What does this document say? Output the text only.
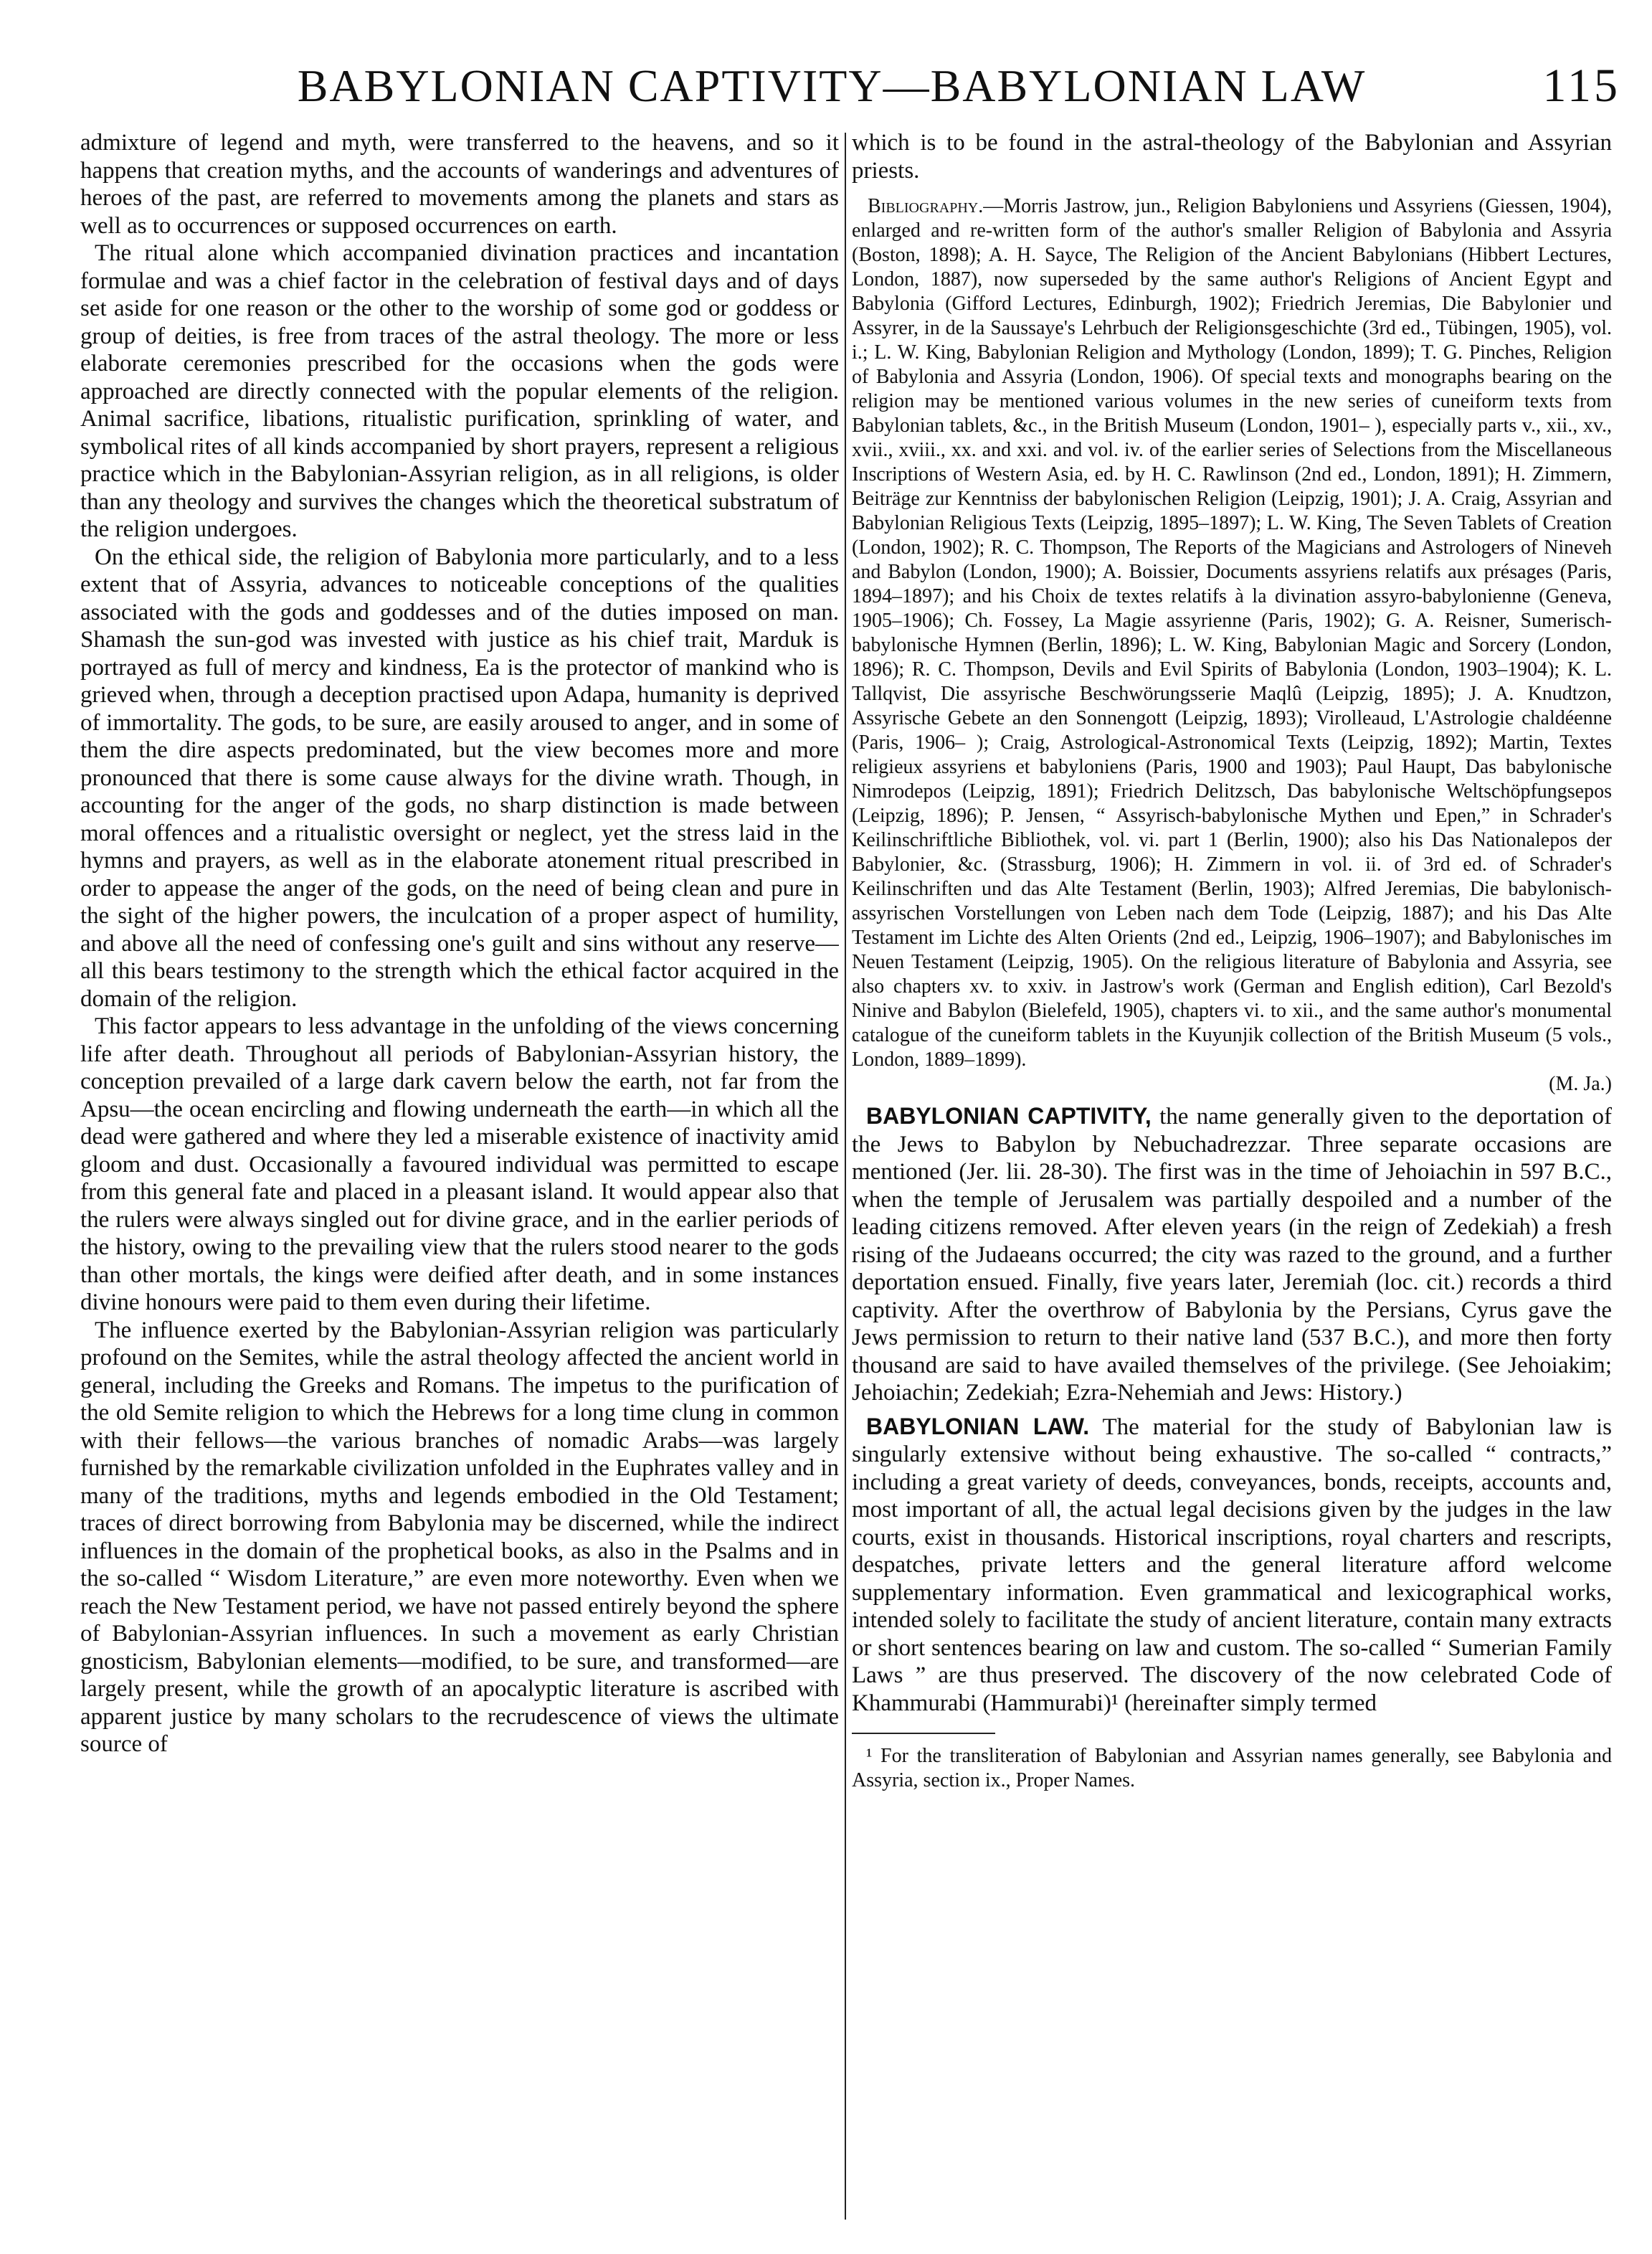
BABYLONIAN CAPTIVITY—BABYLONIAN LAW	115

admixture of legend and myth, were transferred to the heavens, and so it happens that creation myths, and the accounts of wanderings and adventures of heroes of the past, are referred to movements among the planets and stars as well as to occurrences or supposed occurrences on earth.

The ritual alone which accompanied divination practices and incantation formulae and was a chief factor in the celebration of festival days and of days set aside for one reason or the other to the worship of some god or goddess or group of deities, is free from traces of the astral theology. The more or less elaborate ceremonies prescribed for the occasions when the gods were approached are directly connected with the popular elements of the religion. Animal sacrifice, libations, ritualistic purification, sprinkling of water, and symbolical rites of all kinds accompanied by short prayers, represent a religious practice which in the Babylonian-Assyrian religion, as in all religions, is older than any theology and survives the changes which the theoretical substratum of the religion undergoes.

On the ethical side, the religion of Babylonia more particularly, and to a less extent that of Assyria, advances to noticeable conceptions of the qualities associated with the gods and goddesses and of the duties imposed on man. Shamash the sun-god was invested with justice as his chief trait, Marduk is portrayed as full of mercy and kindness, Ea is the protector of mankind who is grieved when, through a deception practised upon Adapa, humanity is deprived of immortality. The gods, to be sure, are easily aroused to anger, and in some of them the dire aspects predominated, but the view becomes more and more pronounced that there is some cause always for the divine wrath. Though, in accounting for the anger of the gods, no sharp distinction is made between moral offences and a ritualistic oversight or neglect, yet the stress laid in the hymns and prayers, as well as in the elaborate atonement ritual prescribed in order to appease the anger of the gods, on the need of being clean and pure in the sight of the higher powers, the inculcation of a proper aspect of humility, and above all the need of confessing one's guilt and sins without any reserve—all this bears testimony to the strength which the ethical factor acquired in the domain of the religion.

This factor appears to less advantage in the unfolding of the views concerning life after death. Throughout all periods of Babylonian-Assyrian history, the conception prevailed of a large dark cavern below the earth, not far from the Apsu—the ocean encircling and flowing underneath the earth—in which all the dead were gathered and where they led a miserable existence of inactivity amid gloom and dust. Occasionally a favoured individual was permitted to escape from this general fate and placed in a pleasant island. It would appear also that the rulers were always singled out for divine grace, and in the earlier periods of the history, owing to the prevailing view that the rulers stood nearer to the gods than other mortals, the kings were deified after death, and in some instances divine honours were paid to them even during their lifetime.

The influence exerted by the Babylonian-Assyrian religion was particularly profound on the Semites, while the astral theology affected the ancient world in general, including the Greeks and Romans. The impetus to the purification of the old Semite religion to which the Hebrews for a long time clung in common with their fellows—the various branches of nomadic Arabs—was largely furnished by the remarkable civilization unfolded in the Euphrates valley and in many of the traditions, myths and legends embodied in the Old Testament; traces of direct borrowing from Babylonia may be discerned, while the indirect influences in the domain of the prophetical books, as also in the Psalms and in the so-called “ Wisdom Literature,” are even more noteworthy. Even when we reach the New Testament period, we have not passed entirely beyond the sphere of Babylonian-Assyrian influences. In such a movement as early Christian gnosticism, Babylonian elements—modified, to be sure, and transformed—are largely present, while the growth of an apocalyptic literature is ascribed with apparent justice by many scholars to the recrudescence of views the ultimate source of

which is to be found in the astral-theology of the Babylonian and Assyrian priests.

Bibliography.—Morris Jastrow, jun., Religion Babyloniens und Assyriens (Giessen, 1904), enlarged and re-written form of the author's smaller Religion of Babylonia and Assyria (Boston, 1898); A. H. Sayce, The Religion of the Ancient Babylonians (Hibbert Lectures, London, 1887), now superseded by the same author's Religions of Ancient Egypt and Babylonia (Gifford Lectures, Edinburgh, 1902); Friedrich Jeremias, Die Babylonier und Assyrer, in de la Saussaye's Lehrbuch der Religionsgeschichte (3rd ed., Tübingen, 1905), vol. i.; L. W. King, Babylonian Religion and Mythology (London, 1899); T. G. Pinches, Religion of Babylonia and Assyria (London, 1906). Of special texts and monographs bearing on the religion may be mentioned various volumes in the new series of cuneiform texts from Babylonian tablets, &c., in the British Museum (London, 1901– ), especially parts v., xii., xv., xvii., xviii., xx. and xxi. and vol. iv. of the earlier series of Selections from the Miscellaneous Inscriptions of Western Asia, ed. by H. C. Rawlinson (2nd ed., London, 1891); H. Zimmern, Beiträge zur Kenntniss der babylonischen Religion (Leipzig, 1901); J. A. Craig, Assyrian and Babylonian Religious Texts (Leipzig, 1895–1897); L. W. King, The Seven Tablets of Creation (London, 1902); R. C. Thompson, The Reports of the Magicians and Astrologers of Nineveh and Babylon (London, 1900); A. Boissier, Documents assyriens relatifs aux présages (Paris, 1894–1897); and his Choix de textes relatifs à la divination assyro-babylonienne (Geneva, 1905–1906); Ch. Fossey, La Magie assyrienne (Paris, 1902); G. A. Reisner, Sumerisch-babylonische Hymnen (Berlin, 1896); L. W. King, Babylonian Magic and Sorcery (London, 1896); R. C. Thompson, Devils and Evil Spirits of Babylonia (London, 1903–1904); K. L. Tallqvist, Die assyrische Beschwörungsserie Maqlû (Leipzig, 1895); J. A. Knudtzon, Assyrische Gebete an den Sonnengott (Leipzig, 1893); Virolleaud, L'Astrologie chaldéenne (Paris, 1906– ); Craig, Astrological-Astronomical Texts (Leipzig, 1892); Martin, Textes religieux assyriens et babyloniens (Paris, 1900 and 1903); Paul Haupt, Das babylonische Nimrodepos (Leipzig, 1891); Friedrich Delitzsch, Das babylonische Weltschöpfungsepos (Leipzig, 1896); P. Jensen, “ Assyrisch-babylonische Mythen und Epen,” in Schrader's Keilinschriftliche Bibliothek, vol. vi. part 1 (Berlin, 1900); also his Das Nationalepos der Babylonier, &c. (Strassburg, 1906); H. Zimmern in vol. ii. of 3rd ed. of Schrader's Keilinschriften und das Alte Testament (Berlin, 1903); Alfred Jeremias, Die babylonisch-assyrischen Vorstellungen von Leben nach dem Tode (Leipzig, 1887); and his Das Alte Testament im Lichte des Alten Orients (2nd ed., Leipzig, 1906–1907); and Babylonisches im Neuen Testament (Leipzig, 1905). On the religious literature of Babylonia and Assyria, see also chapters xv. to xxiv. in Jastrow's work (German and English edition), Carl Bezold's Ninive and Babylon (Bielefeld, 1905), chapters vi. to xii., and the same author's monumental catalogue of the cuneiform tablets in the Kuyunjik collection of the British Museum (5 vols., London, 1889–1899).
(M. Ja.)

BABYLONIAN CAPTIVITY, the name generally given to the deportation of the Jews to Babylon by Nebuchadrezzar. Three separate occasions are mentioned (Jer. lii. 28-30). The first was in the time of Jehoiachin in 597 B.C., when the temple of Jerusalem was partially despoiled and a number of the leading citizens removed. After eleven years (in the reign of Zedekiah) a fresh rising of the Judaeans occurred; the city was razed to the ground, and a further deportation ensued. Finally, five years later, Jeremiah (loc. cit.) records a third captivity. After the overthrow of Babylonia by the Persians, Cyrus gave the Jews permission to return to their native land (537 B.C.), and more then forty thousand are said to have availed themselves of the privilege. (See Jehoiakim; Jehoiachin; Zedekiah; Ezra-Nehemiah and Jews: History.)

BABYLONIAN LAW. The material for the study of Babylonian law is singularly extensive without being exhaustive. The so-called “ contracts,” including a great variety of deeds, conveyances, bonds, receipts, accounts and, most important of all, the actual legal decisions given by the judges in the law courts, exist in thousands. Historical inscriptions, royal charters and rescripts, despatches, private letters and the general literature afford welcome supplementary information. Even grammatical and lexicographical works, intended solely to facilitate the study of ancient literature, contain many extracts or short sentences bearing on law and custom. The so-called “ Sumerian Family Laws ” are thus preserved. The discovery of the now celebrated Code of Khammurabi (Hammurabi)¹ (hereinafter simply termed

¹ For the transliteration of Babylonian and Assyrian names generally, see Babylonia and Assyria, section ix., Proper Names.
